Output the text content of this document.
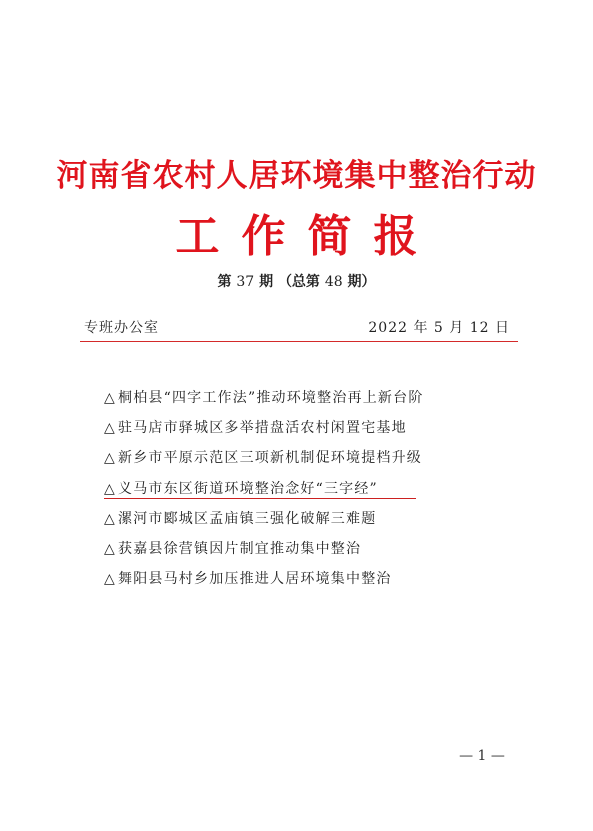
河南省农村人居环境集中整治行动
工作简报
第 37 期 （总第 48 期）
专班办公室	2022 年 5 月 12 日
△ 桐柏县“四字工作法”推动环境整治再上新台阶
△ 驻马店市驿城区多举措盘活农村闲置宅基地
△ 新乡市平原示范区三项新机制促环境提档升级
△ 义马市东区街道环境整治念好“三字经”
△ 漯河市郾城区孟庙镇三强化破解三难题
△ 获嘉县徐营镇因片制宜推动集中整治
△ 舞阳县马村乡加压推进人居环境集中整治
— 1 —
